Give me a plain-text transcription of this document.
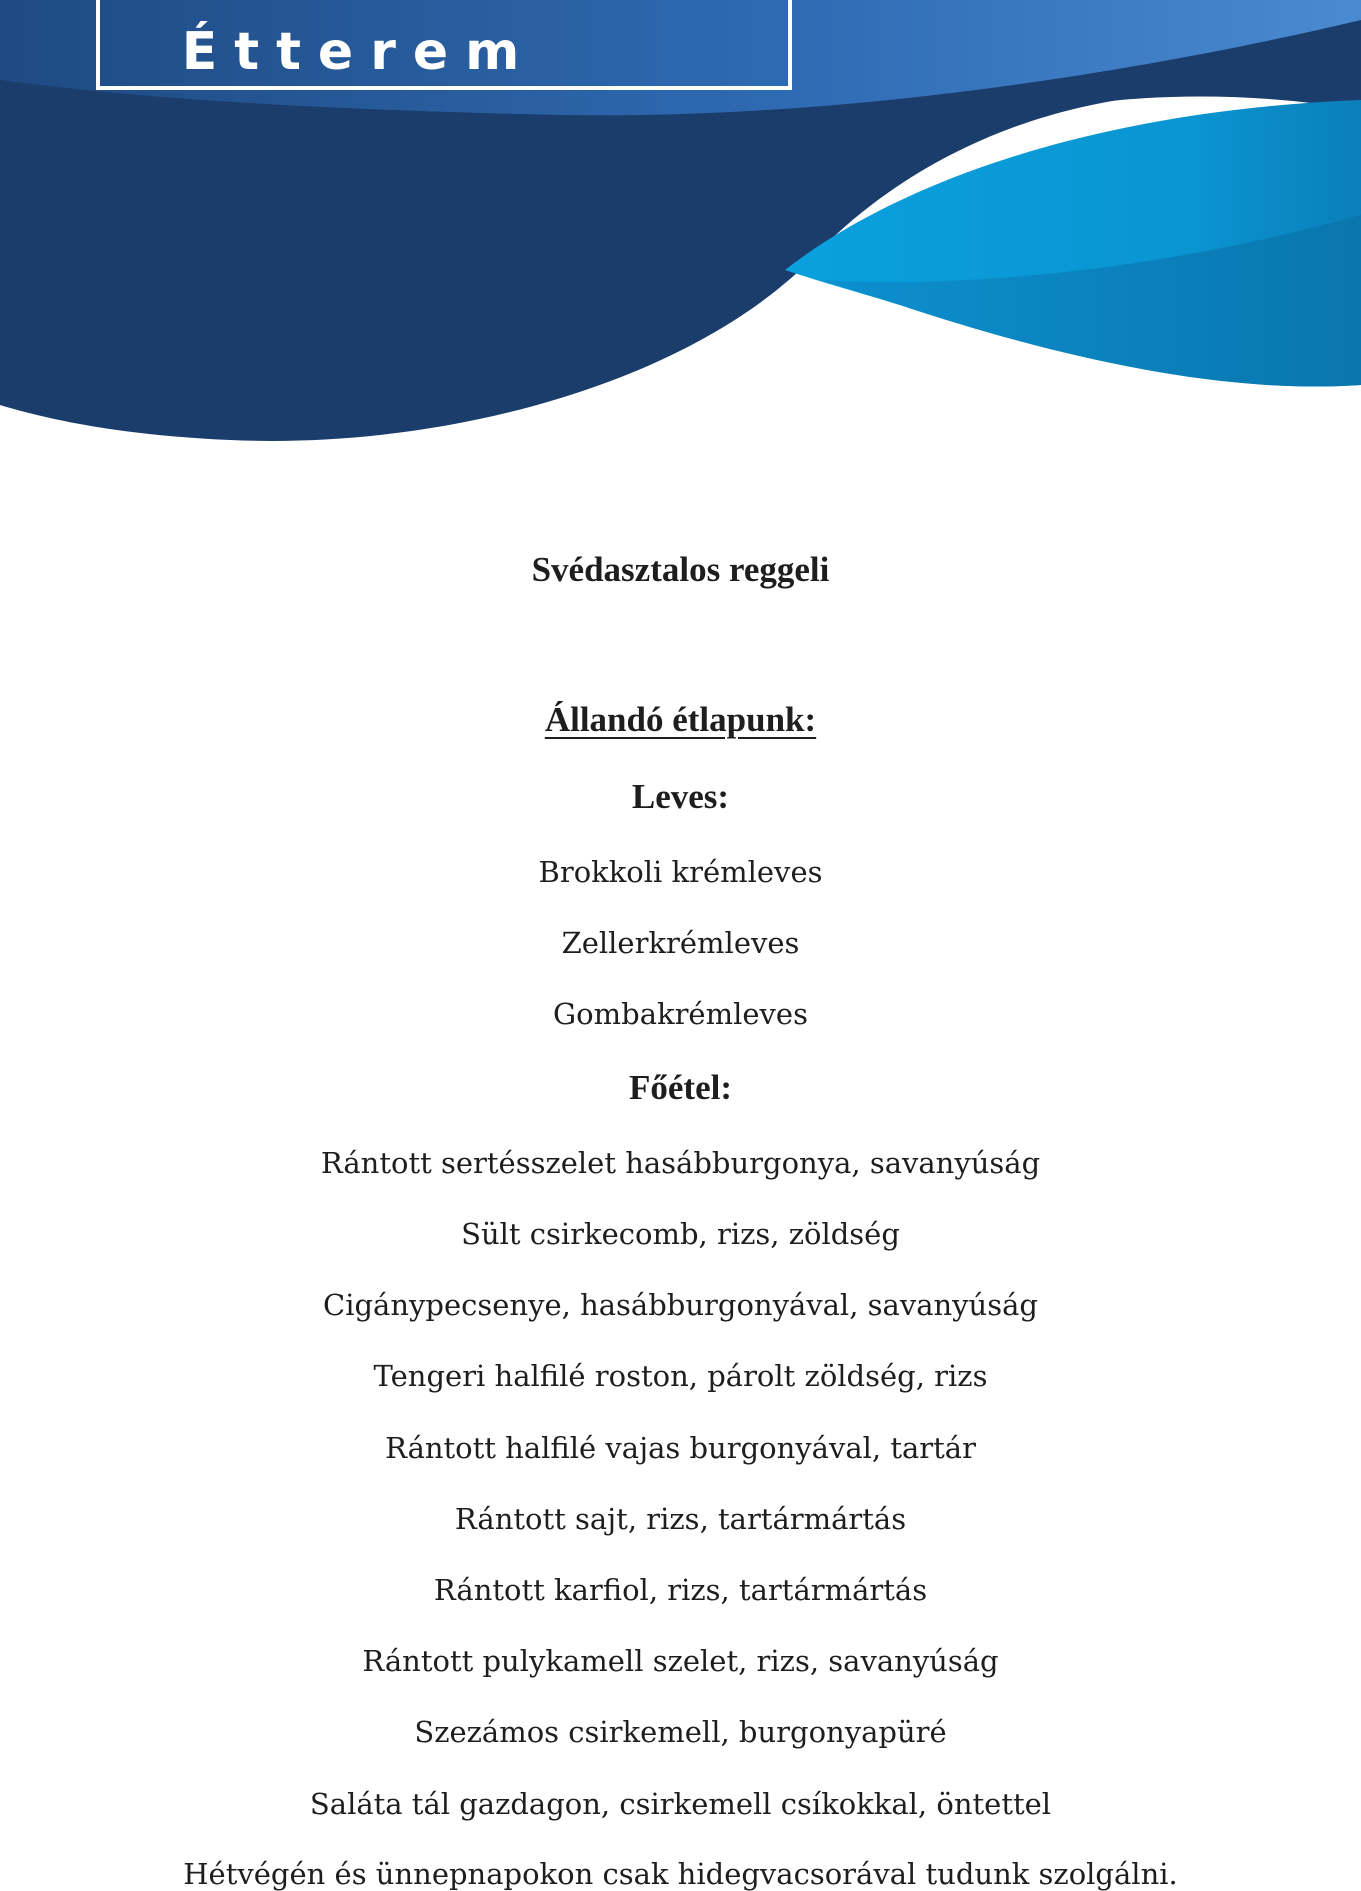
Étterem
Svédasztalos reggeli
Állandó étlapunk:
Leves:
Brokkoli krémleves
Zellerkrémleves
Gombakrémleves
Főétel:
Rántott sertésszelet hasábburgonya, savanyúság
Sült csirkecomb, rizs, zöldség
Cigánypecsenye, hasábburgonyával, savanyúság
Tengeri halfilé roston, párolt zöldség, rizs
Rántott halfilé vajas burgonyával, tartár
Rántott sajt, rizs, tartármártás
Rántott karfiol, rizs, tartármártás
Rántott pulykamell szelet, rizs, savanyúság
Szezámos csirkemell, burgonyapüré
Saláta tál gazdagon, csirkemell csíkokkal, öntettel
Hétvégén és ünnepnapokon csak hidegvacsorával tudunk szolgálni.
